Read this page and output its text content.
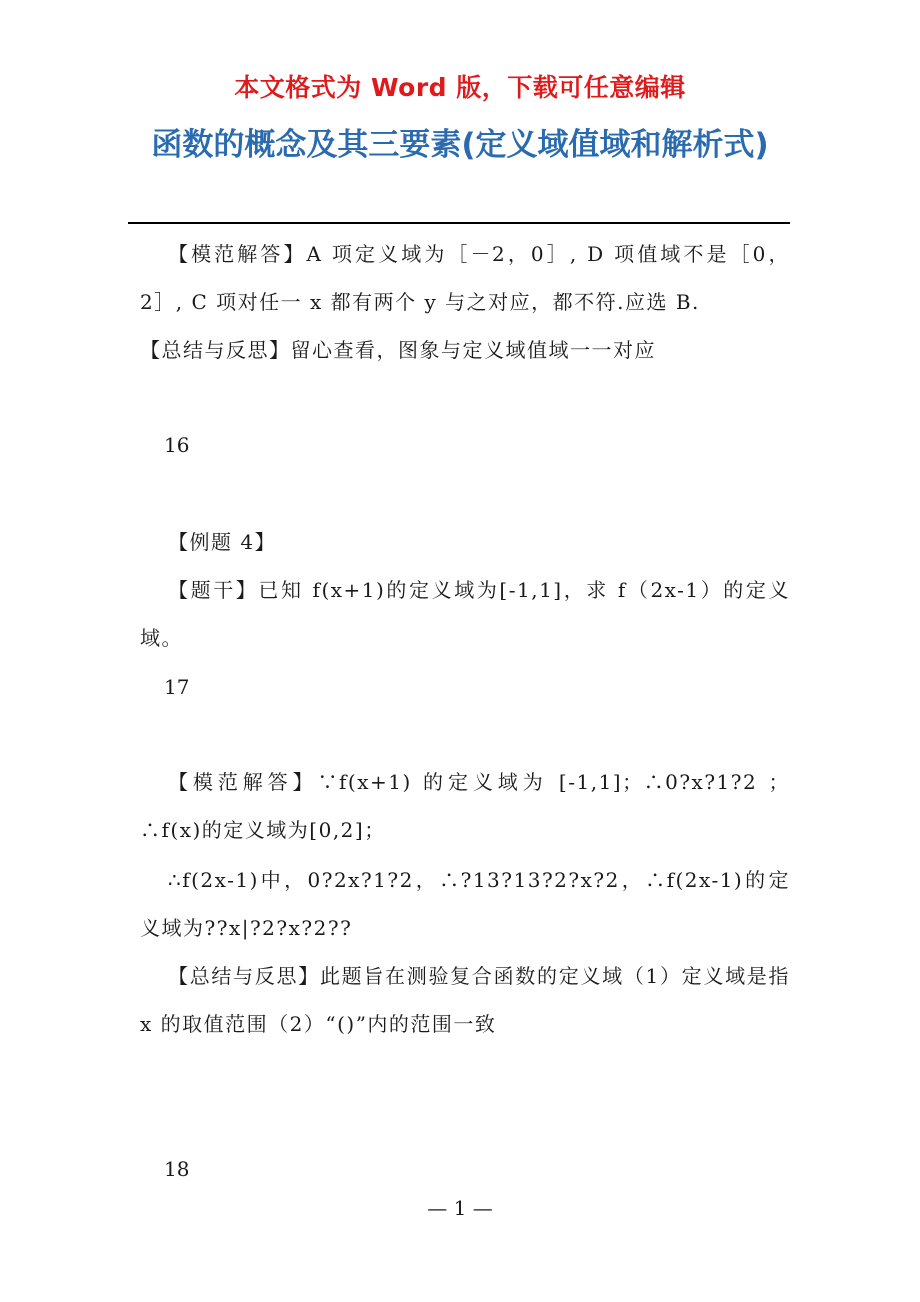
本文格式为 Word 版，下载可任意编辑
函数的概念及其三要素(定义域值域和解析式)

【模范解答】A 项定义域为［－2，0］, D 项值域不是［0，2］, C 项对任一 x 都有两个 y 与之对应，都不符.应选 B.

【总结与反思】留心查看，图象与定义域值域一一对应

16

【例题 4】

【题干】已知 f(x+1)的定义域为[-1,1]，求 f（2x-1）的定义域。

17

【模范解答】∵f(x+1) 的定义域为 [-1,1]；∴0?x?1?2 ；∴f(x)的定义域为[0,2]；

∴f(2x-1)中，0?2x?1?2，∴?13?13?2?x?2，∴f(2x-1)的定义域为??x|?2?x?2??

【总结与反思】此题旨在测验复合函数的定义域（1）定义域是指 x 的取值范围（2）“()”内的范围一致

18

— 1 —
